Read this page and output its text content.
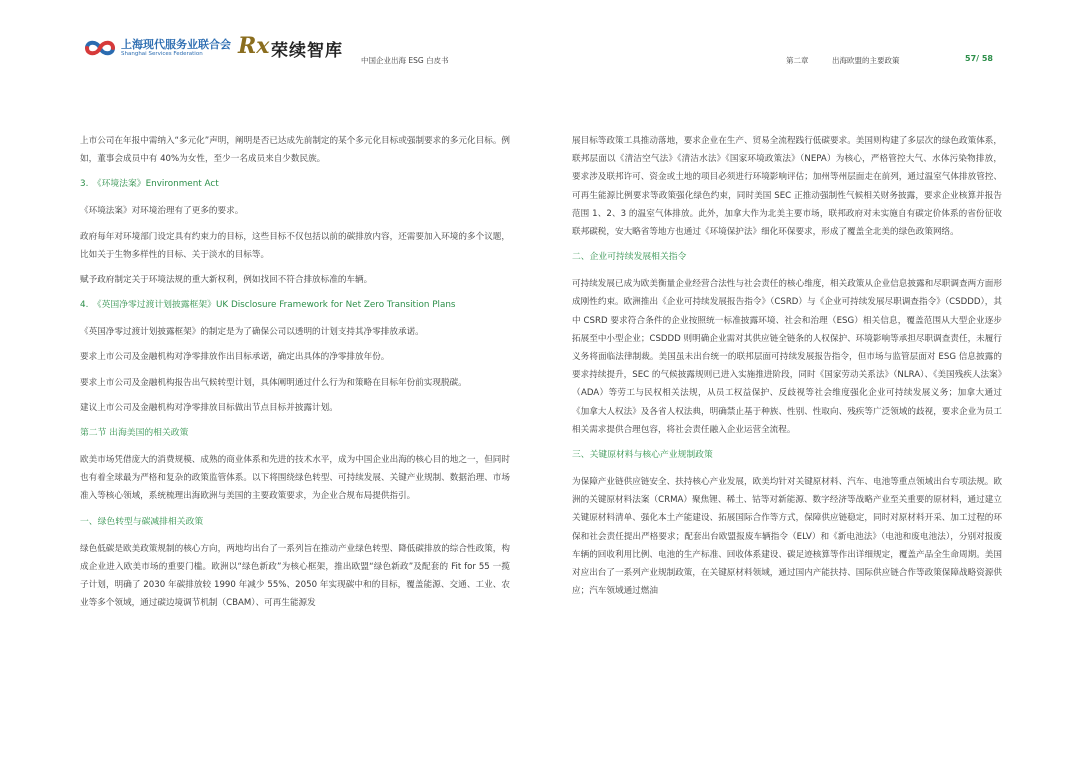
上海现代服务业联合会
Shanghai Services Federation	Rx 荣续智库 中国企业出海 ESG 白皮书	第二章	出海欧盟的主要政策	57/ 58
上市公司在年报中需纳入“多元化”声明，阐明是否已达成先前制定的某个多元化目标或强制要求的多元化目标。例如，董事会成员中有 40%为女性，至少一名成员来自少数民族。
3.　《环境法案》Environment Act
《环境法案》对环境治理有了更多的要求。
政府每年对环境部门设定具有约束力的目标，这些目标不仅包括以前的碳排放内容，还需要加入环境的多个议题，比如关于生物多样性的目标、关于淡水的目标等。
赋予政府制定关于环境法规的重大新权利，例如找回不符合排放标准的车辆。
4.　《英国净零过渡计划披露框架》UK Disclosure Framework for Net Zero Transition Plans
《英国净零过渡计划披露框架》的制定是为了确保公司以透明的计划支持其净零排放承诺。
要求上市公司及金融机构对净零排放作出目标承诺，确定出具体的净零排放年份。
要求上市公司及金融机构报告出气候转型计划，具体阐明通过什么行为和策略在目标年份前实现脱碳。
建议上市公司及金融机构对净零排放目标做出节点目标并披露计划。
第二节 出海美国的相关政策
欧美市场凭借庞大的消费规模、成熟的商业体系和先进的技术水平，成为中国企业出海的核心目的地之一，但同时也有着全球最为严格和复杂的政策监管体系。以下将围绕绿色转型、可持续发展、关键产业规制、数据治理、市场准入等核心领域，系统梳理出海欧洲与美国的主要政策要求，为企业合规布局提供指引。
一、绿色转型与碳减排相关政策
绿色低碳是欧美政策规制的核心方向，两地均出台了一系列旨在推动产业绿色转型、降低碳排放的综合性政策，构成企业进入欧美市场的重要门槛。欧洲以“绿色新政”为核心框架，推出欧盟“绿色新政”及配套的 Fit for 55 一揽子计划，明确了 2030 年碳排放较 1990 年减少 55%、2050 年实现碳中和的目标，覆盖能源、交通、工业、农业等多个领域，通过碳边境调节机制（CBAM）、可再生能源发
展目标等政策工具推动落地，要求企业在生产、贸易全流程践行低碳要求。美国则构建了多层次的绿色政策体系，联邦层面以《清洁空气法》《清洁水法》《国家环境政策法》（NEPA）为核心，严格管控大气、水体污染物排放，要求涉及联邦许可、资金或土地的项目必须进行环境影响评估；加州等州层面走在前列，通过温室气体排放管控、可再生能源比例要求等政策强化绿色约束，同时美国 SEC 正推动强制性气候相关财务披露，要求企业核算并报告范围 1、2、3 的温室气体排放。此外，加拿大作为北美主要市场，联邦政府对未实施自有碳定价体系的省份征收联邦碳税，安大略省等地方也通过《环境保护法》细化环保要求，形成了覆盖全北美的绿色政策网络。
二、企业可持续发展相关指令
可持续发展已成为欧美衡量企业经营合法性与社会责任的核心维度，相关政策从企业信息披露和尽职调查两方面形成刚性约束。欧洲推出《企业可持续发展报告指令》（CSRD）与《企业可持续发展尽职调查指令》（CSDDD），其中 CSRD 要求符合条件的企业按照统一标准披露环境、社会和治理（ESG）相关信息，覆盖范围从大型企业逐步拓展至中小型企业；CSDDD 则明确企业需对其供应链全链条的人权保护、环境影响等承担尽职调查责任，未履行义务将面临法律制裁。美国虽未出台统一的联邦层面可持续发展报告指令，但市场与监管层面对 ESG 信息披露的要求持续提升，SEC 的气候披露规则已进入实施推进阶段，同时《国家劳动关系法》（NLRA）、《美国残疾人法案》（ADA）等劳工与民权相关法规，从员工权益保护、反歧视等社会维度强化企业可持续发展义务；加拿大通过《加拿大人权法》及各省人权法典，明确禁止基于种族、性别、性取向、残疾等广泛领域的歧视，要求企业为员工相关需求提供合理包容，将社会责任融入企业运营全流程。
三、关键原材料与核心产业规制政策
为保障产业链供应链安全、扶持核心产业发展，欧美均针对关键原材料、汽车、电池等重点领域出台专项法规。欧洲的关键原材料法案（CRMA）聚焦锂、稀土、钴等对新能源、数字经济等战略产业至关重要的原材料，通过建立关键原材料清单、强化本土产能建设、拓展国际合作等方式，保障供应链稳定，同时对原材料开采、加工过程的环保和社会责任提出严格要求；配套出台欧盟报废车辆指令（ELV）和《新电池法》（电池和废电池法），分别对报废车辆的回收利用比例、电池的生产标准、回收体系建设、碳足迹核算等作出详细规定，覆盖产品全生命周期。美国对应出台了一系列产业规制政策，在关键原材料领域，通过国内产能扶持、国际供应链合作等政策保障战略资源供应；汽车领域通过燃油
